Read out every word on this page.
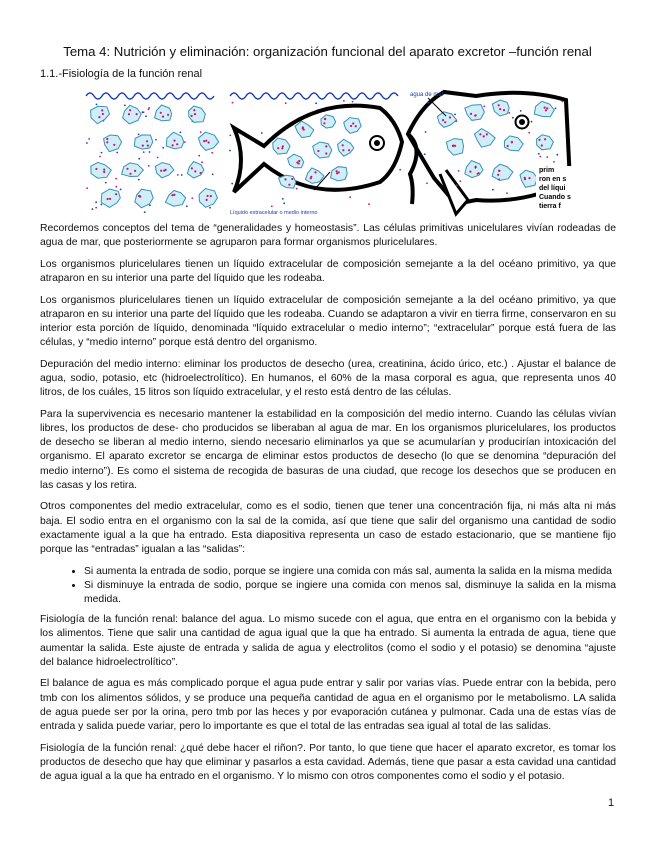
Tema 4: Nutrición y eliminación: organización funcional del aparato excretor –función renal
1.1.-Fisiología de la función renal
Líquido extracelular o medio interno
agua de mar
prim ron en s del líqui Cuando s tierra f

Recordemos conceptos del tema de “generalidades y homeostasis”. Las células primitivas unicelulares vivían rodeadas de agua de mar, que posteriormente se agruparon para formar organismos pluricelulares.

Los organismos pluricelulares tienen un líquido extracelular de composición semejante a la del océano primitivo, ya que atraparon en su interior una parte del líquido que les rodeaba.

Los organismos pluricelulares tienen un líquido extracelular de composición semejante a la del océano primitivo, ya que atraparon en su interior una parte del líquido que les rodeaba. Cuando se adaptaron a vivir en tierra firme, conservaron en su interior esta porción de líquido, denominada “líquido extracelular o medio interno”; “extracelular” porque está fuera de las células, y “medio interno” porque está dentro del organismo.

Depuración del medio interno: eliminar los productos de desecho (urea, creatinina, ácido úrico, etc.) . Ajustar el balance de agua, sodio, potasio, etc (hidroelectrolítico). En humanos, el 60% de la masa corporal es agua, que representa unos 40 litros, de los cuáles, 15 litros son líquido extracelular, y el resto está dentro de las células.

Para la supervivencia es necesario mantener la estabilidad en la composición del medio interno. Cuando las células vivían libres, los productos de dese- cho producidos se liberaban al agua de mar. En los organismos pluricelulares, los productos de desecho se liberan al medio interno, siendo necesario eliminarlos ya que se acumularían y producirían intoxicación del organismo. El aparato excretor se encarga de eliminar estos productos de desecho (lo que se denomina “depuración del medio interno”). Es como el sistema de recogida de basuras de una ciudad, que recoge los desechos que se producen en las casas y los retira.

Otros componentes del medio extracelular, como es el sodio, tienen que tener una concentración fija, ni más alta ni más baja. El sodio entra en el organismo con la sal de la comida, así que tiene que salir del organismo una cantidad de sodio exactamente igual a la que ha entrado. Esta diapositiva representa un caso de estado estacionario, que se mantiene fijo porque las “entradas” igualan a las “salidas”:

• Si aumenta la entrada de sodio, porque se ingiere una comida con más sal, aumenta la salida en la misma medida
• Si disminuye la entrada de sodio, porque se ingiere una comida con menos sal, disminuye la salida en la misma medida.

Fisiología de la función renal: balance del agua. Lo mismo sucede con el agua, que entra en el organismo con la bebida y los alimentos. Tiene que salir una cantidad de agua igual que la que ha entrado. Si aumenta la entrada de agua, tiene que aumentar la salida. Este ajuste de entrada y salida de agua y electrolitos (como el sodio y el potasio) se denomina “ajuste del balance hidroelectrolítico”.

El balance de agua es más complicado porque el agua pude entrar y salir por varias vías. Puede entrar con la bebida, pero tmb con los alimentos sólidos, y se produce una pequeña cantidad de agua en el organismo por le metabolismo. LA salida de agua puede ser por la orina, pero tmb por las heces y por evaporación cutánea y pulmonar. Cada una de estas vías de entrada y salida puede variar, pero lo importante es que el total de las entradas sea igual al total de las salidas.

Fisiología de la función renal: ¿qué debe hacer el riñon?. Por tanto, lo que tiene que hacer el aparato excretor, es tomar los productos de desecho que hay que eliminar y pasarlos a esta cavidad. Además, tiene que pasar a esta cavidad una cantidad de agua igual a la que ha entrado en el organismo. Y lo mismo con otros componentes como el sodio y el potasio.

1
